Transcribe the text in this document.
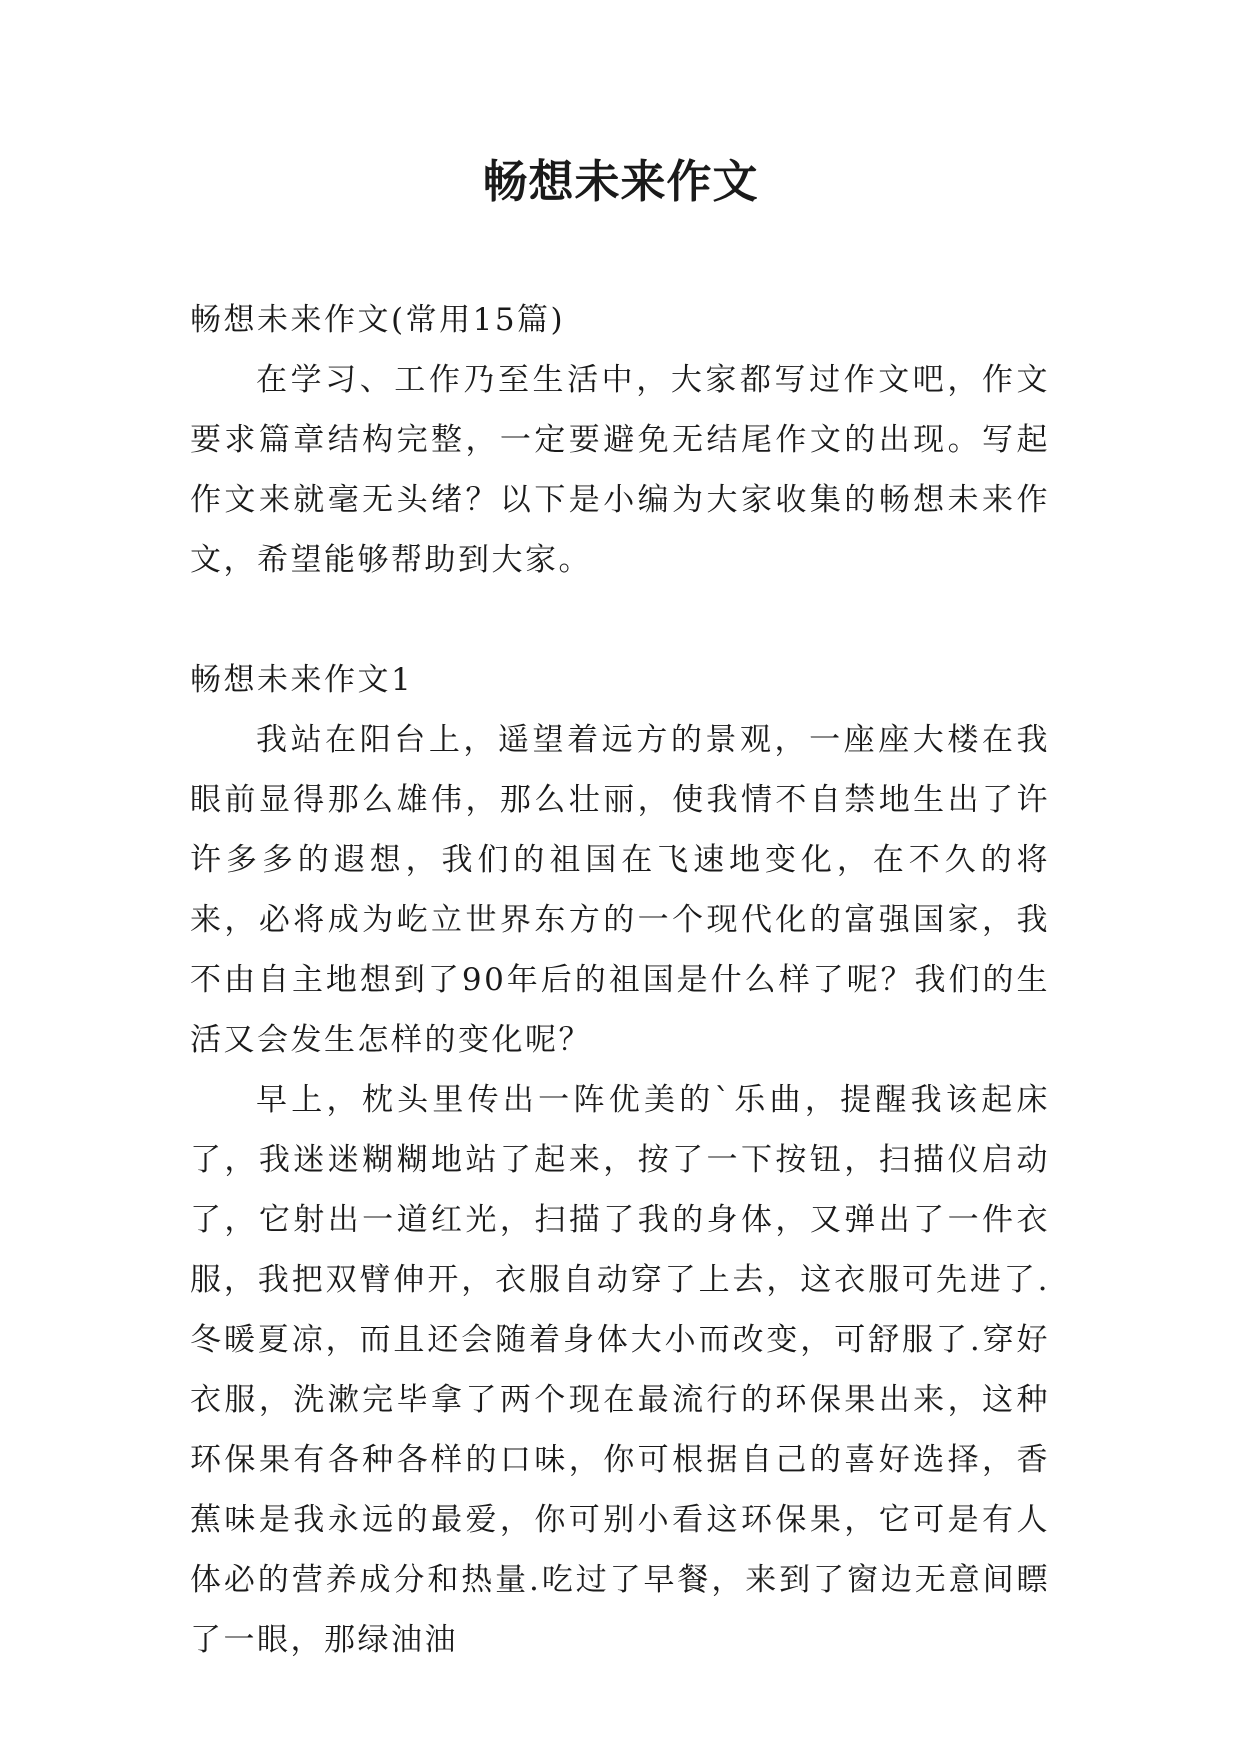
畅想未来作文

畅想未来作文(常用15篇)

在学习、工作乃至生活中，大家都写过作文吧，作文要求篇章结构完整，一定要避免无结尾作文的出现。写起作文来就毫无头绪？以下是小编为大家收集的畅想未来作文，希望能够帮助到大家。

畅想未来作文1

我站在阳台上，遥望着远方的景观，一座座大楼在我眼前显得那么雄伟，那么壮丽，使我情不自禁地生出了许许多多的遐想，我们的祖国在飞速地变化，在不久的将来，必将成为屹立世界东方的一个现代化的富强国家，我不由自主地想到了90年后的祖国是什么样了呢？我们的生活又会发生怎样的变化呢？

早上，枕头里传出一阵优美的`乐曲，提醒我该起床了，我迷迷糊糊地站了起来，按了一下按钮，扫描仪启动了，它射出一道红光，扫描了我的身体，又弹出了一件衣服，我把双臂伸开，衣服自动穿了上去，这衣服可先进了.冬暖夏凉，而且还会随着身体大小而改变，可舒服了.穿好衣服，洗漱完毕拿了两个现在最流行的环保果出来，这种环保果有各种各样的口味，你可根据自己的喜好选择，香蕉味是我永远的最爱，你可别小看这环保果，它可是有人体必的营养成分和热量.吃过了早餐，来到了窗边无意间瞟了一眼，那绿油油
